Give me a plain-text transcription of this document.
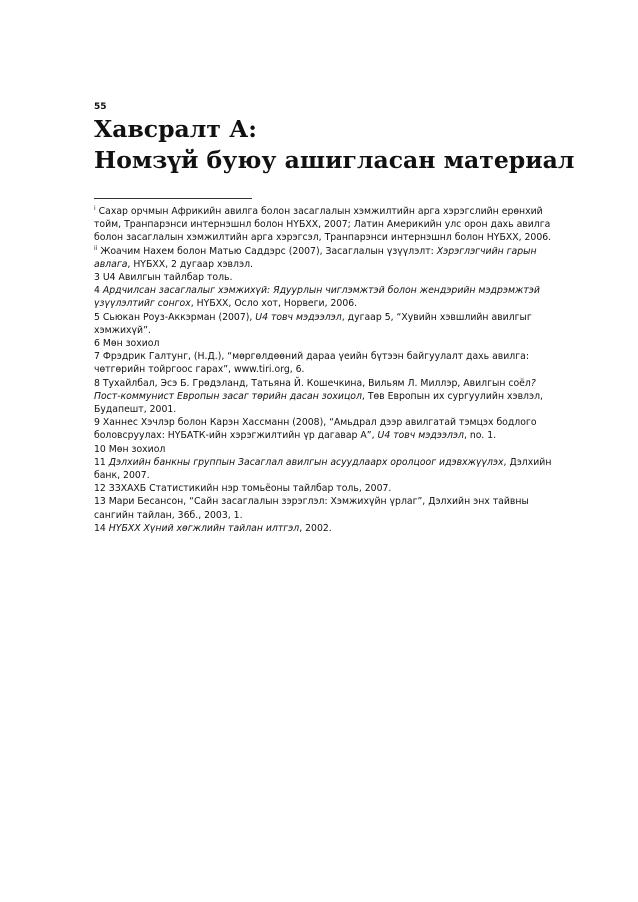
55
Хавсралт А:
Номзүй буюу ашигласан материал

$^i$ Сахар орчмын Африкийн авилга болон засаглалын хэмжилтийн арга хэрэгслийн ерөнхий тойм, Транпарэнси интернэшнл болон НҮБХХ, 2007; Латин Америкийн улс орон дахь авилга болон засаглалын хэмжилтийн арга хэрэгсэл, Транпарэнси интернэшнл болон НҮБХХ, 2006.

$^{ii}$ Жоачим Нахем болон Матью Саддэрс (2007), Засаглалын үзүүлэлт: Хэрэглэгчийн гарын авлага, НҮБХХ, 2 дугаар хэвлэл.

3 U4 Авилгын тайлбар толь.

4 Ардчилсан засаглалыг хэмжихүй: Ядуурлын чиглэмжтэй болон жендэрийн мэдрэмжтэй үзүүлэлтийг сонгох, НҮБХХ, Осло хот, Норвеги, 2006.

5 Сьюкан Роуз-Аккэрман (2007), U4 товч мэдээлэл, дугаар 5, “Хувийн хэвшлийн авилгыг хэмжихүй”.

6 Мөн зохиол

7 Фрэдрик Галтунг, (Н.Д.), “мөргөлдөөний дараа үеийн бүтээн байгуулалт дахь авилга: чөтгөрийн тойргоос гарах”, www.tiri.org, 6.

8 Тухайлбал, Эсэ Б. Грөдэланд, Татьяна Й. Кошечкина, Вильям Л. Миллэр, Авилгын соёл? Пост-коммунист Европын засаг төрийн дасан зохицол, Төв Европын их сургуулийн хэвлэл, Будапешт, 2001.

9 Ханнес Хэчлэр болон Карэн Хассманн (2008), “Амьдрал дээр авилгатай тэмцэх бодлого боловсруулах: НҮБАТК-ийн хэрэгжилтийн үр дагавар А”, U4 товч мэдээлэл, no. 1.

10 Мөн зохиол

11 Дэлхийн банкны группын Засаглал авилгын асуудлаарх оролцоог идэвхжүүлэх, Дэлхийн банк, 2007.

12 ЗЗХАХБ Статистикийн нэр томьёоны тайлбар толь, 2007.

13 Мари Бесансон, “Сайн засаглалын зэрэглэл: Хэмжихүйн үрлаг”, Дэлхийн энх тайвны сангийн тайлан, 36б., 2003, 1.

14 НҮБХХ Хүний хөгжлийн тайлан илтгэл, 2002.
